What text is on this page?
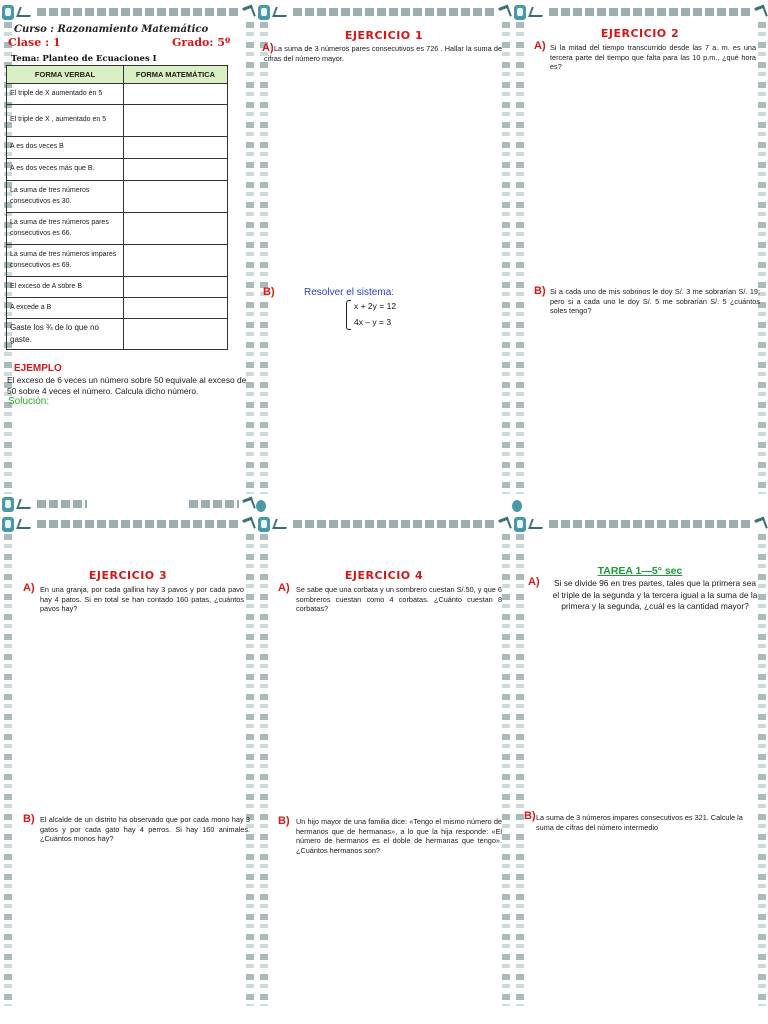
Curso : Razonamiento Matemático
Clase : 1	Grado: 5º
Tema: Planteo de Ecuaciones I
FORMA VERBAL	FORMA MATEMÁTICA
El triple de X aumentado en 5	
El triple de X , aumentado en 5	
A es dos veces B	
A es dos veces más que B.	
La suma de tres números consecutivos es 30.	
La suma de tres números pares consecutivos es 66.	
La suma de tres números impares consecutivos es 69.	
El exceso de A sobre B	
A excede a B	
Gaste los ¾ de lo que no gaste.	
EJEMPLO
El exceso de 6 veces un número sobre 50 equivale al exceso de 50 sobre 4 veces el número. Calcula dicho número.
Solución:
EJERCICIO 1
A) La suma de 3 números pares consecutivos es 726 . Hallar la suma de cifras del número mayor.
B)	Resolver el sistema:
x + 2y = 12
4x – y = 3
EJERCICIO 2
A) Si la mitad del tiempo transcurrido desde las 7 a. m. es una tercera parte del tiempo que falta para las 10 p.m., ¿qué hora es?
B) Si a cada uno de mis sobrinos le doy S/. 3 me sobrarían S/. 19; pero si a cada uno le doy S/. 5 me sobrarían S/. 5 ¿cuántos soles tengo?
EJERCICIO 3
A) En una granja, por cada gallina hay 3 pavos y por cada pavo hay 4 patos. Si en total se han contado 160 patas, ¿cuántos pavos hay?
B) El alcalde de un distrito ha observado que por cada mono hay 3 gatos y por cada gato hay 4 perros. Si hay 160 animales. ¿Cuántos monos hay?
EJERCICIO 4
A) Se sabe que una corbata y un sombrero cuestan S/.50, y que 6 sombreros cuestan como 4 corbatas. ¿Cuánto cuestan 8 corbatas?
B) Un hijo mayor de una familia dice: «Tengo el mismo número de hermanos que de hermanas», a lo que la hija responde: «El número de hermanos es el doble de hermanas que tengo». ¿Cuántos hermanos son?
TAREA 1—5° sec
A) Si se divide 96 en tres partes, tales que la primera sea el triple de la segunda y la tercera igual a la suma de la primera y la segunda, ¿cuál es la cantidad mayor?
B) La suma de 3 números impares consecutivos es 321. Calcule la suma de cifras del número intermedio
